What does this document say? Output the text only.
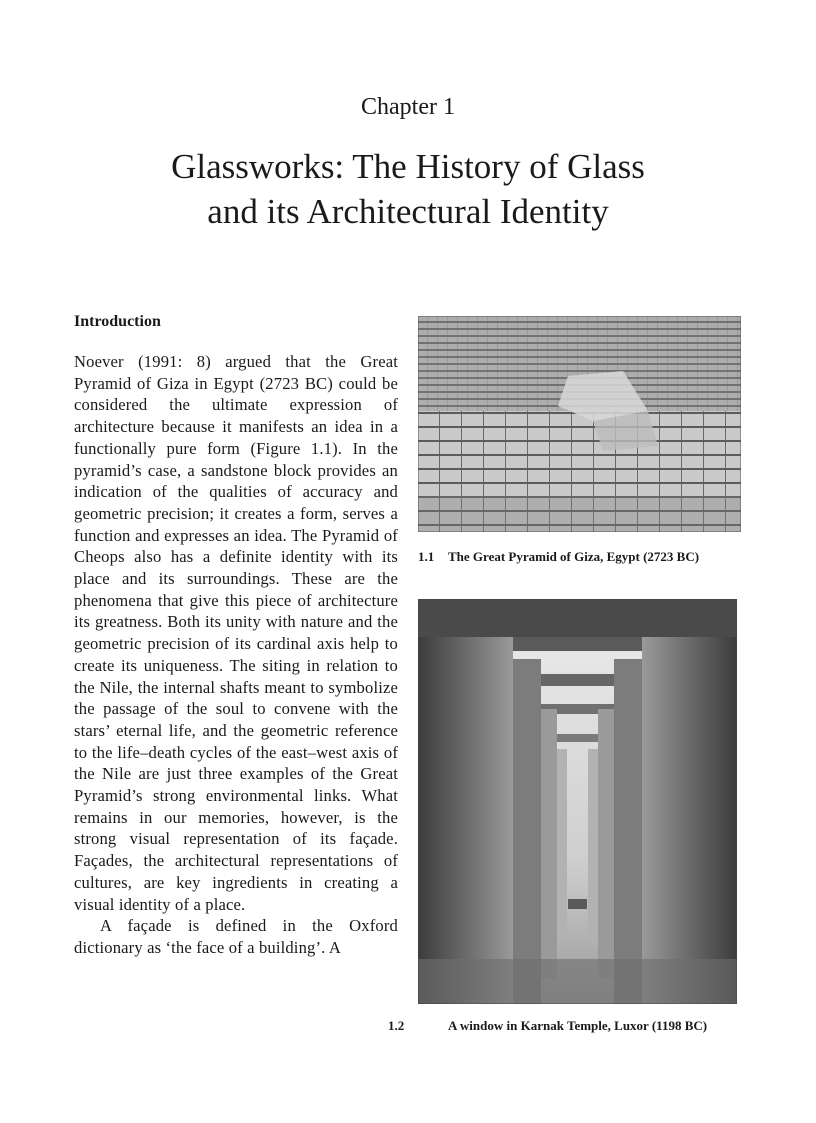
Chapter 1
Glassworks: The History of Glass
and its Architectural Identity
Introduction

Noever (1991: 8) argued that the Great Pyramid of Giza in Egypt (2723 BC) could be considered the ultimate expression of architecture because it manifests an idea in a functionally pure form (Figure 1.1). In the pyramid’s case, a sandstone block provides an indication of the qualities of accuracy and geometric precision; it creates a form, serves a function and expresses an idea. The Pyramid of Cheops also has a definite identity with its place and its surroundings. These are the phenomena that give this piece of architecture its greatness. Both its unity with nature and the geometric precision of its cardinal axis help to create its uniqueness. The siting in relation to the Nile, the internal shafts meant to symbolize the passage of the soul to convene with the stars’ eternal life, and the geometric reference to the life–death cycles of the east–west axis of the Nile are just three examples of the Great Pyramid’s strong environmental links. What remains in our memories, however, is the strong visual representation of its façade. Façades, the architectural representations of cultures, are key ingredients in creating a visual identity of a place.

A façade is defined in the Oxford dictionary as ‘the face of a building’. A

1.1 The Great Pyramid of Giza, Egypt (2723 BC)
1.2	A window in Karnak Temple, Luxor (1198 BC)
